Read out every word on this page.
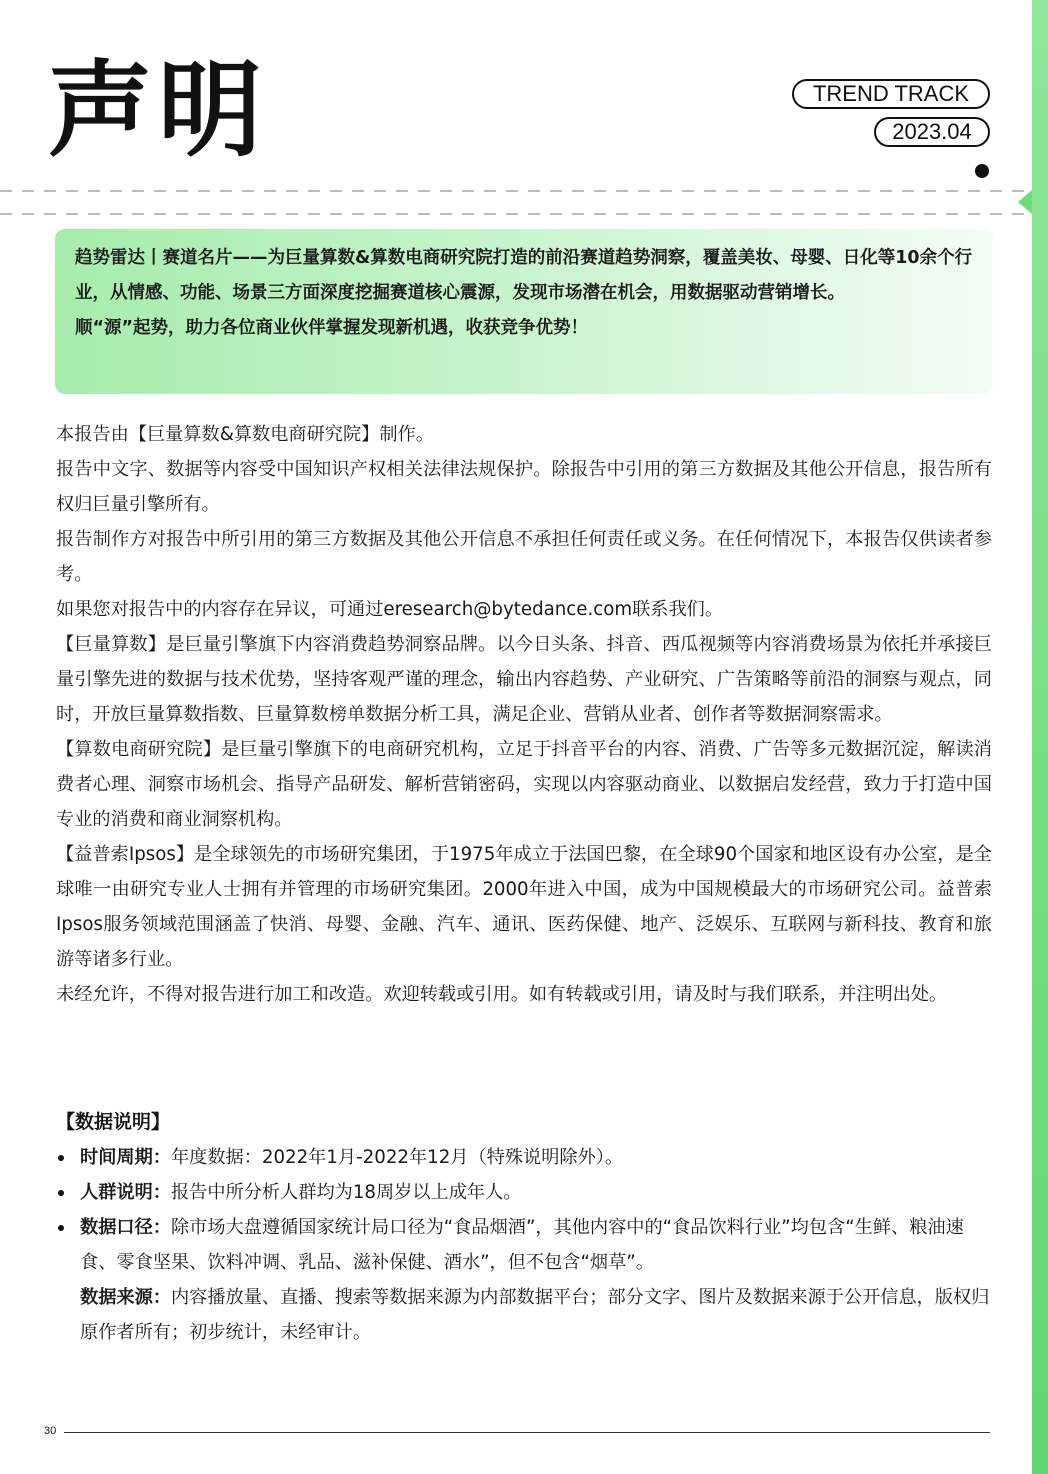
声明	TREND TRACK
2023.04

趋势雷达丨赛道名片——为巨量算数&算数电商研究院打造的前沿赛道趋势洞察，覆盖美妆、母婴、日化等10余个行业，从情感、功能、场景三方面深度挖掘赛道核心震源，发现市场潜在机会，用数据驱动营销增长。

顺“源”起势，助力各位商业伙伴掌握发现新机遇，收获竞争优势！

本报告由【巨量算数&算数电商研究院】制作。

报告中文字、数据等内容受中国知识产权相关法律法规保护。除报告中引用的第三方数据及其他公开信息，报告所有权归巨量引擎所有。

报告制作方对报告中所引用的第三方数据及其他公开信息不承担任何责任或义务。在任何情况下，本报告仅供读者参考。

如果您对报告中的内容存在异议，可通过eresearch@bytedance.com联系我们。

【巨量算数】是巨量引擎旗下内容消费趋势洞察品牌。以今日头条、抖音、西瓜视频等内容消费场景为依托并承接巨量引擎先进的数据与技术优势，坚持客观严谨的理念，输出内容趋势、产业研究、广告策略等前沿的洞察与观点，同时，开放巨量算数指数、巨量算数榜单数据分析工具，满足企业、营销从业者、创作者等数据洞察需求。

【算数电商研究院】是巨量引擎旗下的电商研究机构，立足于抖音平台的内容、消费、广告等多元数据沉淀，解读消费者心理、洞察市场机会、指导产品研发、解析营销密码，实现以内容驱动商业、以数据启发经营，致力于打造中国专业的消费和商业洞察机构。

【益普索Ipsos】是全球领先的市场研究集团，于1975年成立于法国巴黎，在全球90个国家和地区设有办公室，是全球唯一由研究专业人士拥有并管理的市场研究集团。2000年进入中国，成为中国规模最大的市场研究公司。益普索Ipsos服务领域范围涵盖了快消、母婴、金融、汽车、通讯、医药保健、地产、泛娱乐、互联网与新科技、教育和旅游等诸多行业。

未经允许，不得对报告进行加工和改造。欢迎转载或引用。如有转载或引用，请及时与我们联系，并注明出处。

【数据说明】
时间周期：年度数据：2022年1月-2022年12月（特殊说明除外）。
人群说明：报告中所分析人群均为18周岁以上成年人。
数据口径：除市场大盘遵循国家统计局口径为“食品烟酒”，其他内容中的“食品饮料行业”均包含“生鲜、粮油速食、零食坚果、饮料冲调、乳品、滋补保健、酒水”，但不包含“烟草”。
数据来源：内容播放量、直播、搜索等数据来源为内部数据平台；部分文字、图片及数据来源于公开信息，版权归原作者所有；初步统计，未经审计。
30
